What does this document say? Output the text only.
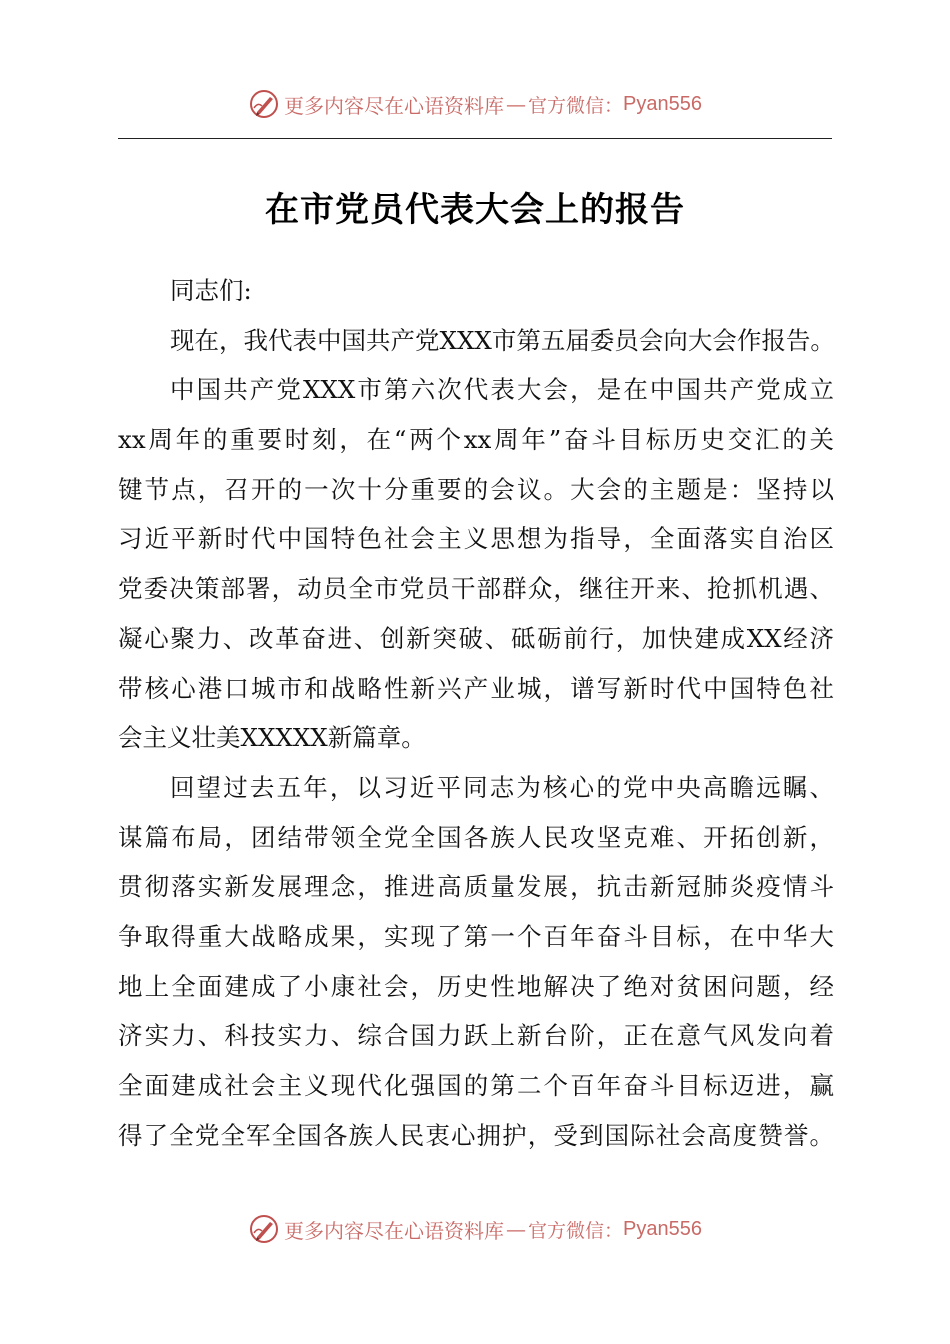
更多内容尽在心语资料库 — 官方微信： Pyan556
在市党员代表大会上的报告
同志们:
现在，我代表中国共产党XXX市第五届委员会向大会作报告。
中国共产党XXX市第六次代表大会，是在中国共产党成立
xx周年的重要时刻，在“两个xx周年”奋斗目标历史交汇的关
键节点，召开的一次十分重要的会议。大会的主题是：坚持以
习近平新时代中国特色社会主义思想为指导，全面落实自治区
党委决策部署，动员全市党员干部群众，继往开来、抢抓机遇、
凝心聚力、改革奋进、创新突破、砥砺前行，加快建成XX经济
带核心港口城市和战略性新兴产业城，谱写新时代中国特色社
会主义壮美XXXXX新篇章。
回望过去五年，以习近平同志为核心的党中央高瞻远瞩、
谋篇布局，团结带领全党全国各族人民攻坚克难、开拓创新，
贯彻落实新发展理念，推进高质量发展，抗击新冠肺炎疫情斗
争取得重大战略成果，实现了第一个百年奋斗目标，在中华大
地上全面建成了小康社会，历史性地解决了绝对贫困问题，经
济实力、科技实力、综合国力跃上新台阶，正在意气风发向着
全面建成社会主义现代化强国的第二个百年奋斗目标迈进，赢
得了全党全军全国各族人民衷心拥护，受到国际社会高度赞誉。
更多内容尽在心语资料库 — 官方微信： Pyan556
